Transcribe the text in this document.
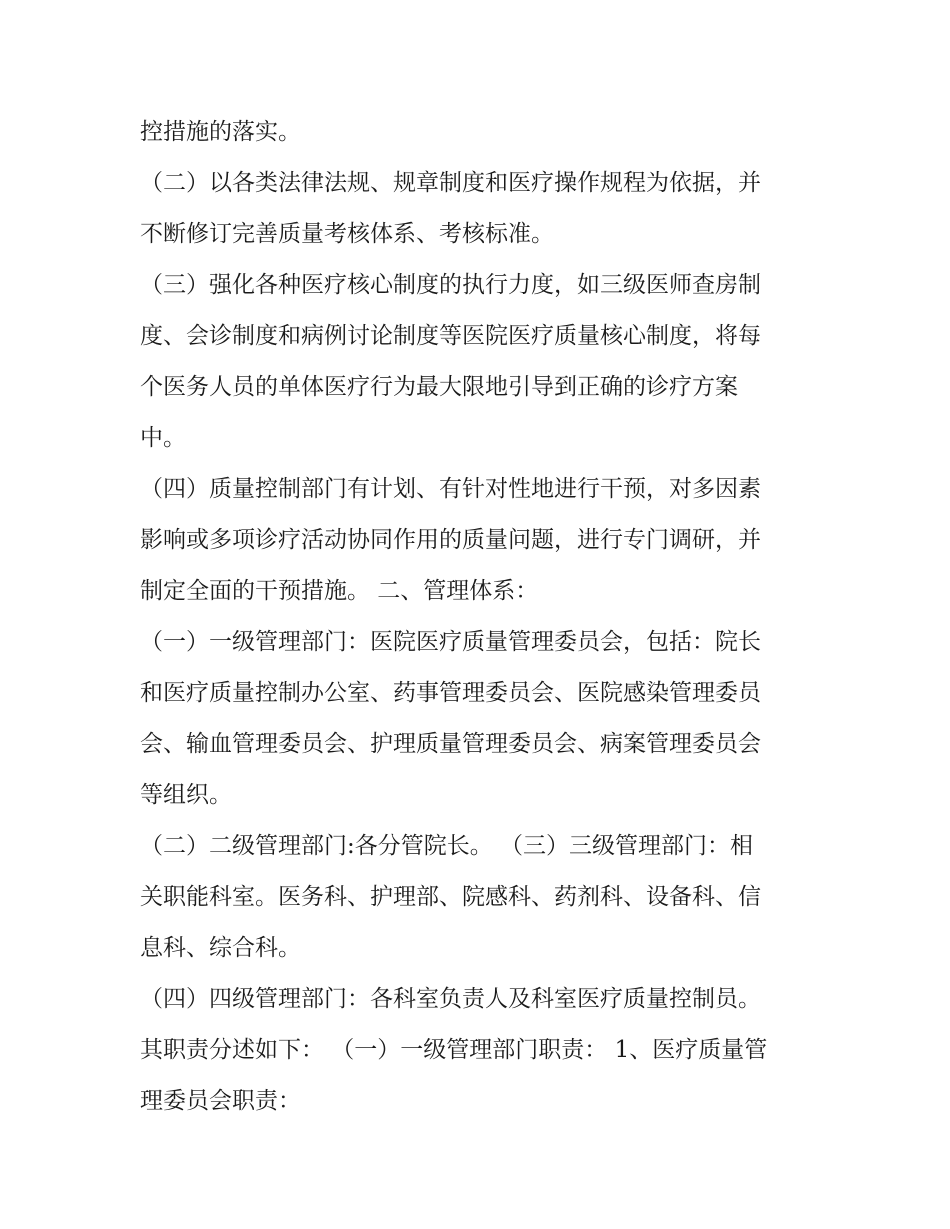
控措施的落实。
（二）以各类法律法规、规章制度和医疗操作规程为依据，并
不断修订完善质量考核体系、考核标准。
（三）强化各种医疗核心制度的执行力度，如三级医师查房制
度、会诊制度和病例讨论制度等医院医疗质量核心制度，将每
个医务人员的单体医疗行为最大限地引导到正确的诊疗方案
中。
（四）质量控制部门有计划、有针对性地进行干预，对多因素
影响或多项诊疗活动协同作用的质量问题，进行专门调研，并
制定全面的干预措施。 二、管理体系：
（一）一级管理部门：医院医疗质量管理委员会，包括：院长
和医疗质量控制办公室、药事管理委员会、医院感染管理委员
会、输血管理委员会、护理质量管理委员会、病案管理委员会
等组织。
（二）二级管理部门:各分管院长。 （三）三级管理部门：相
关职能科室。医务科、护理部、院感科、药剂科、设备科、信
息科、综合科。
（四）四级管理部门：各科室负责人及科室医疗质量控制员。
其职责分述如下： （一）一级管理部门职责： 1、医疗质量管
理委员会职责：
